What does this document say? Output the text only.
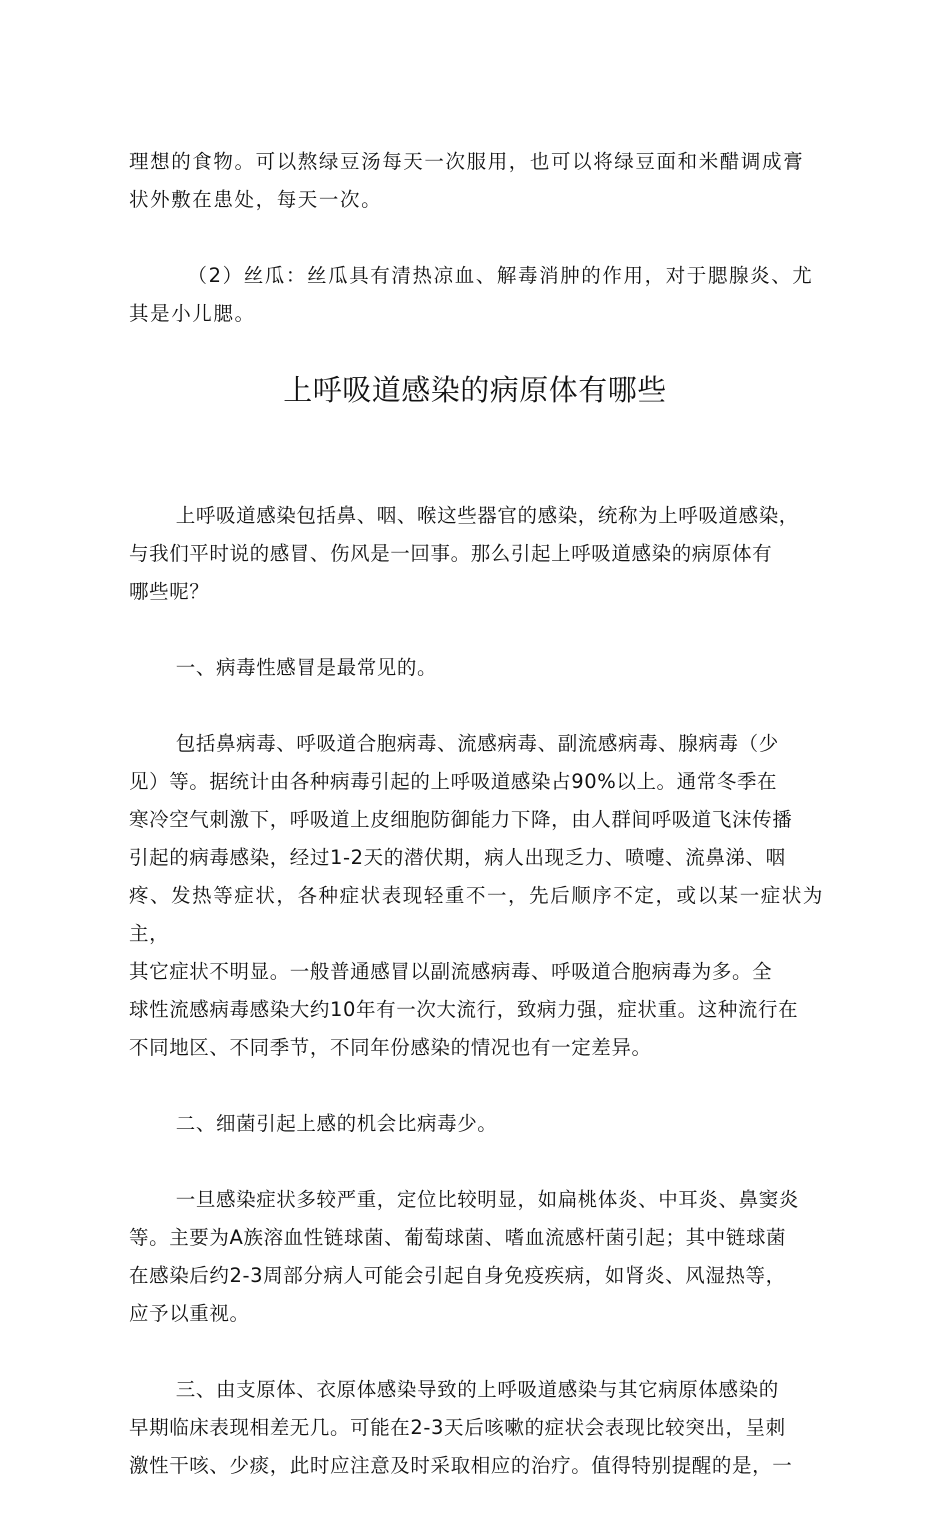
理想的食物。可以熬绿豆汤每天一次服用，也可以将绿豆面和米醋调成膏
状外敷在患处，每天一次。

（2）丝瓜：丝瓜具有清热凉血、解毒消肿的作用，对于腮腺炎、尤
其是小儿腮。

上呼吸道感染的病原体有哪些

上呼吸道感染包括鼻、咽、喉这些器官的感染，统称为上呼吸道感染，
与我们平时说的感冒、伤风是一回事。那么引起上呼吸道感染的病原体有
哪些呢？

一、病毒性感冒是最常见的。

包括鼻病毒、呼吸道合胞病毒、流感病毒、副流感病毒、腺病毒（少
见）等。据统计由各种病毒引起的上呼吸道感染占90%以上。通常冬季在
寒冷空气刺激下，呼吸道上皮细胞防御能力下降，由人群间呼吸道飞沫传播
引起的病毒感染，经过1-2天的潜伏期，病人出现乏力、喷嚏、流鼻涕、咽
疼、发热等症状，各种症状表现轻重不一，先后顺序不定，或以某一症状为主，
其它症状不明显。一般普通感冒以副流感病毒、呼吸道合胞病毒为多。全
球性流感病毒感染大约10年有一次大流行，致病力强，症状重。这种流行在
不同地区、不同季节，不同年份感染的情况也有一定差异。

二、细菌引起上感的机会比病毒少。

一旦感染症状多较严重，定位比较明显，如扁桃体炎、中耳炎、鼻窦炎
等。主要为A族溶血性链球菌、葡萄球菌、嗜血流感杆菌引起；其中链球菌
在感染后约2-3周部分病人可能会引起自身免疫疾病，如肾炎、风湿热等，
应予以重视。

三、由支原体、衣原体感染导致的上呼吸道感染与其它病原体感染的
早期临床表现相差无几。可能在2-3天后咳嗽的症状会表现比较突出，呈刺
激性干咳、少痰，此时应注意及时采取相应的治疗。值得特别提醒的是，一
